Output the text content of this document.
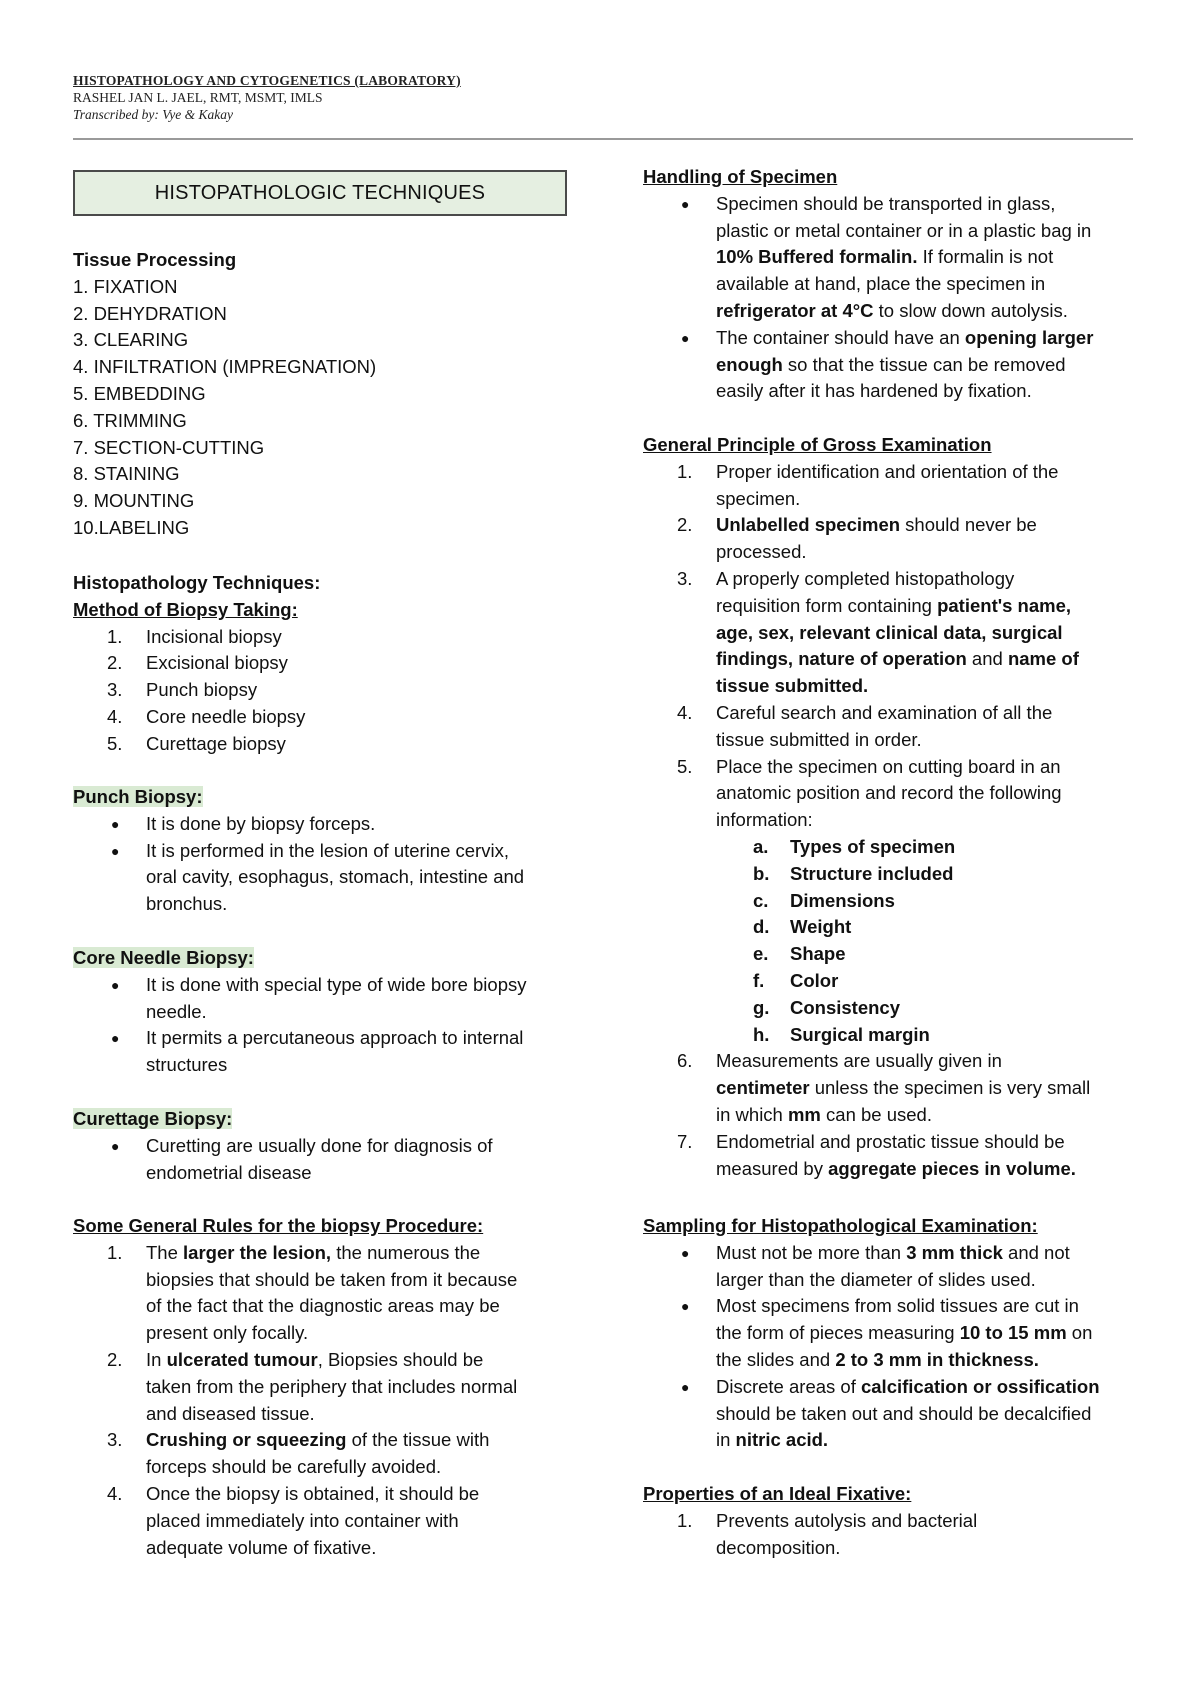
HISTOPATHOLOGY AND CYTOGENETICS (LABORATORY)
RASHEL JAN L. JAEL, RMT, MSMT, IMLS
Transcribed by: Vye & Kakay
HISTOPATHOLOGIC TECHNIQUES
Tissue Processing
1. FIXATION
2. DEHYDRATION
3. CLEARING
4. INFILTRATION (IMPREGNATION)
5. EMBEDDING
6. TRIMMING
7. SECTION-CUTTING
8. STAINING
9. MOUNTING
10.LABELING
Histopathology Techniques:
Method of Biopsy Taking:
1.	Incisional biopsy
2.	Excisional biopsy
3.	Punch biopsy
4.	Core needle biopsy
5.	Curettage biopsy
Punch Biopsy:
●	It is done by biopsy forceps.
●	It is performed in the lesion of uterine cervix,
oral cavity, esophagus, stomach, intestine and
bronchus.
Core Needle Biopsy:
●	It is done with special type of wide bore biopsy
needle.
●	It permits a percutaneous approach to internal
structures
Curettage Biopsy:
●	Curetting are usually done for diagnosis of
endometrial disease
Some General Rules for the biopsy Procedure:
1.	The larger the lesion, the numerous the
biopsies that should be taken from it because
of the fact that the diagnostic areas may be
present only focally.
2.	In ulcerated tumour, Biopsies should be
taken from the periphery that includes normal
and diseased tissue.
3.	Crushing or squeezing of the tissue with
forceps should be carefully avoided.
4.	Once the biopsy is obtained, it should be
placed immediately into container with
adequate volume of fixative.
Handling of Specimen
●	Specimen should be transported in glass,
plastic or metal container or in a plastic bag in
10% Buffered formalin. If formalin is not
available at hand, place the specimen in
refrigerator at 4°C to slow down autolysis.
●	The container should have an opening larger
enough so that the tissue can be removed
easily after it has hardened by fixation.
General Principle of Gross Examination
1.	Proper identification and orientation of the
specimen.
2.	Unlabelled specimen should never be
processed.
3.	A properly completed histopathology
requisition form containing patient's name,
age, sex, relevant clinical data, surgical
findings, nature of operation and name of
tissue submitted.
4.	Careful search and examination of all the
tissue submitted in order.
5.	Place the specimen on cutting board in an
anatomic position and record the following
information:
a. Types of specimen
b. Structure included
c. Dimensions
d. Weight
e. Shape
f. Color
g. Consistency
h. Surgical margin
6.	Measurements are usually given in
centimeter unless the specimen is very small
in which mm can be used.
7.	Endometrial and prostatic tissue should be
measured by aggregate pieces in volume.
Sampling for Histopathological Examination:
●	Must not be more than 3 mm thick and not
larger than the diameter of slides used.
●	Most specimens from solid tissues are cut in
the form of pieces measuring 10 to 15 mm on
the slides and 2 to 3 mm in thickness.
●	Discrete areas of calcification or ossification
should be taken out and should be decalcified
in nitric acid.
Properties of an Ideal Fixative:
1.	Prevents autolysis and bacterial
decomposition.
